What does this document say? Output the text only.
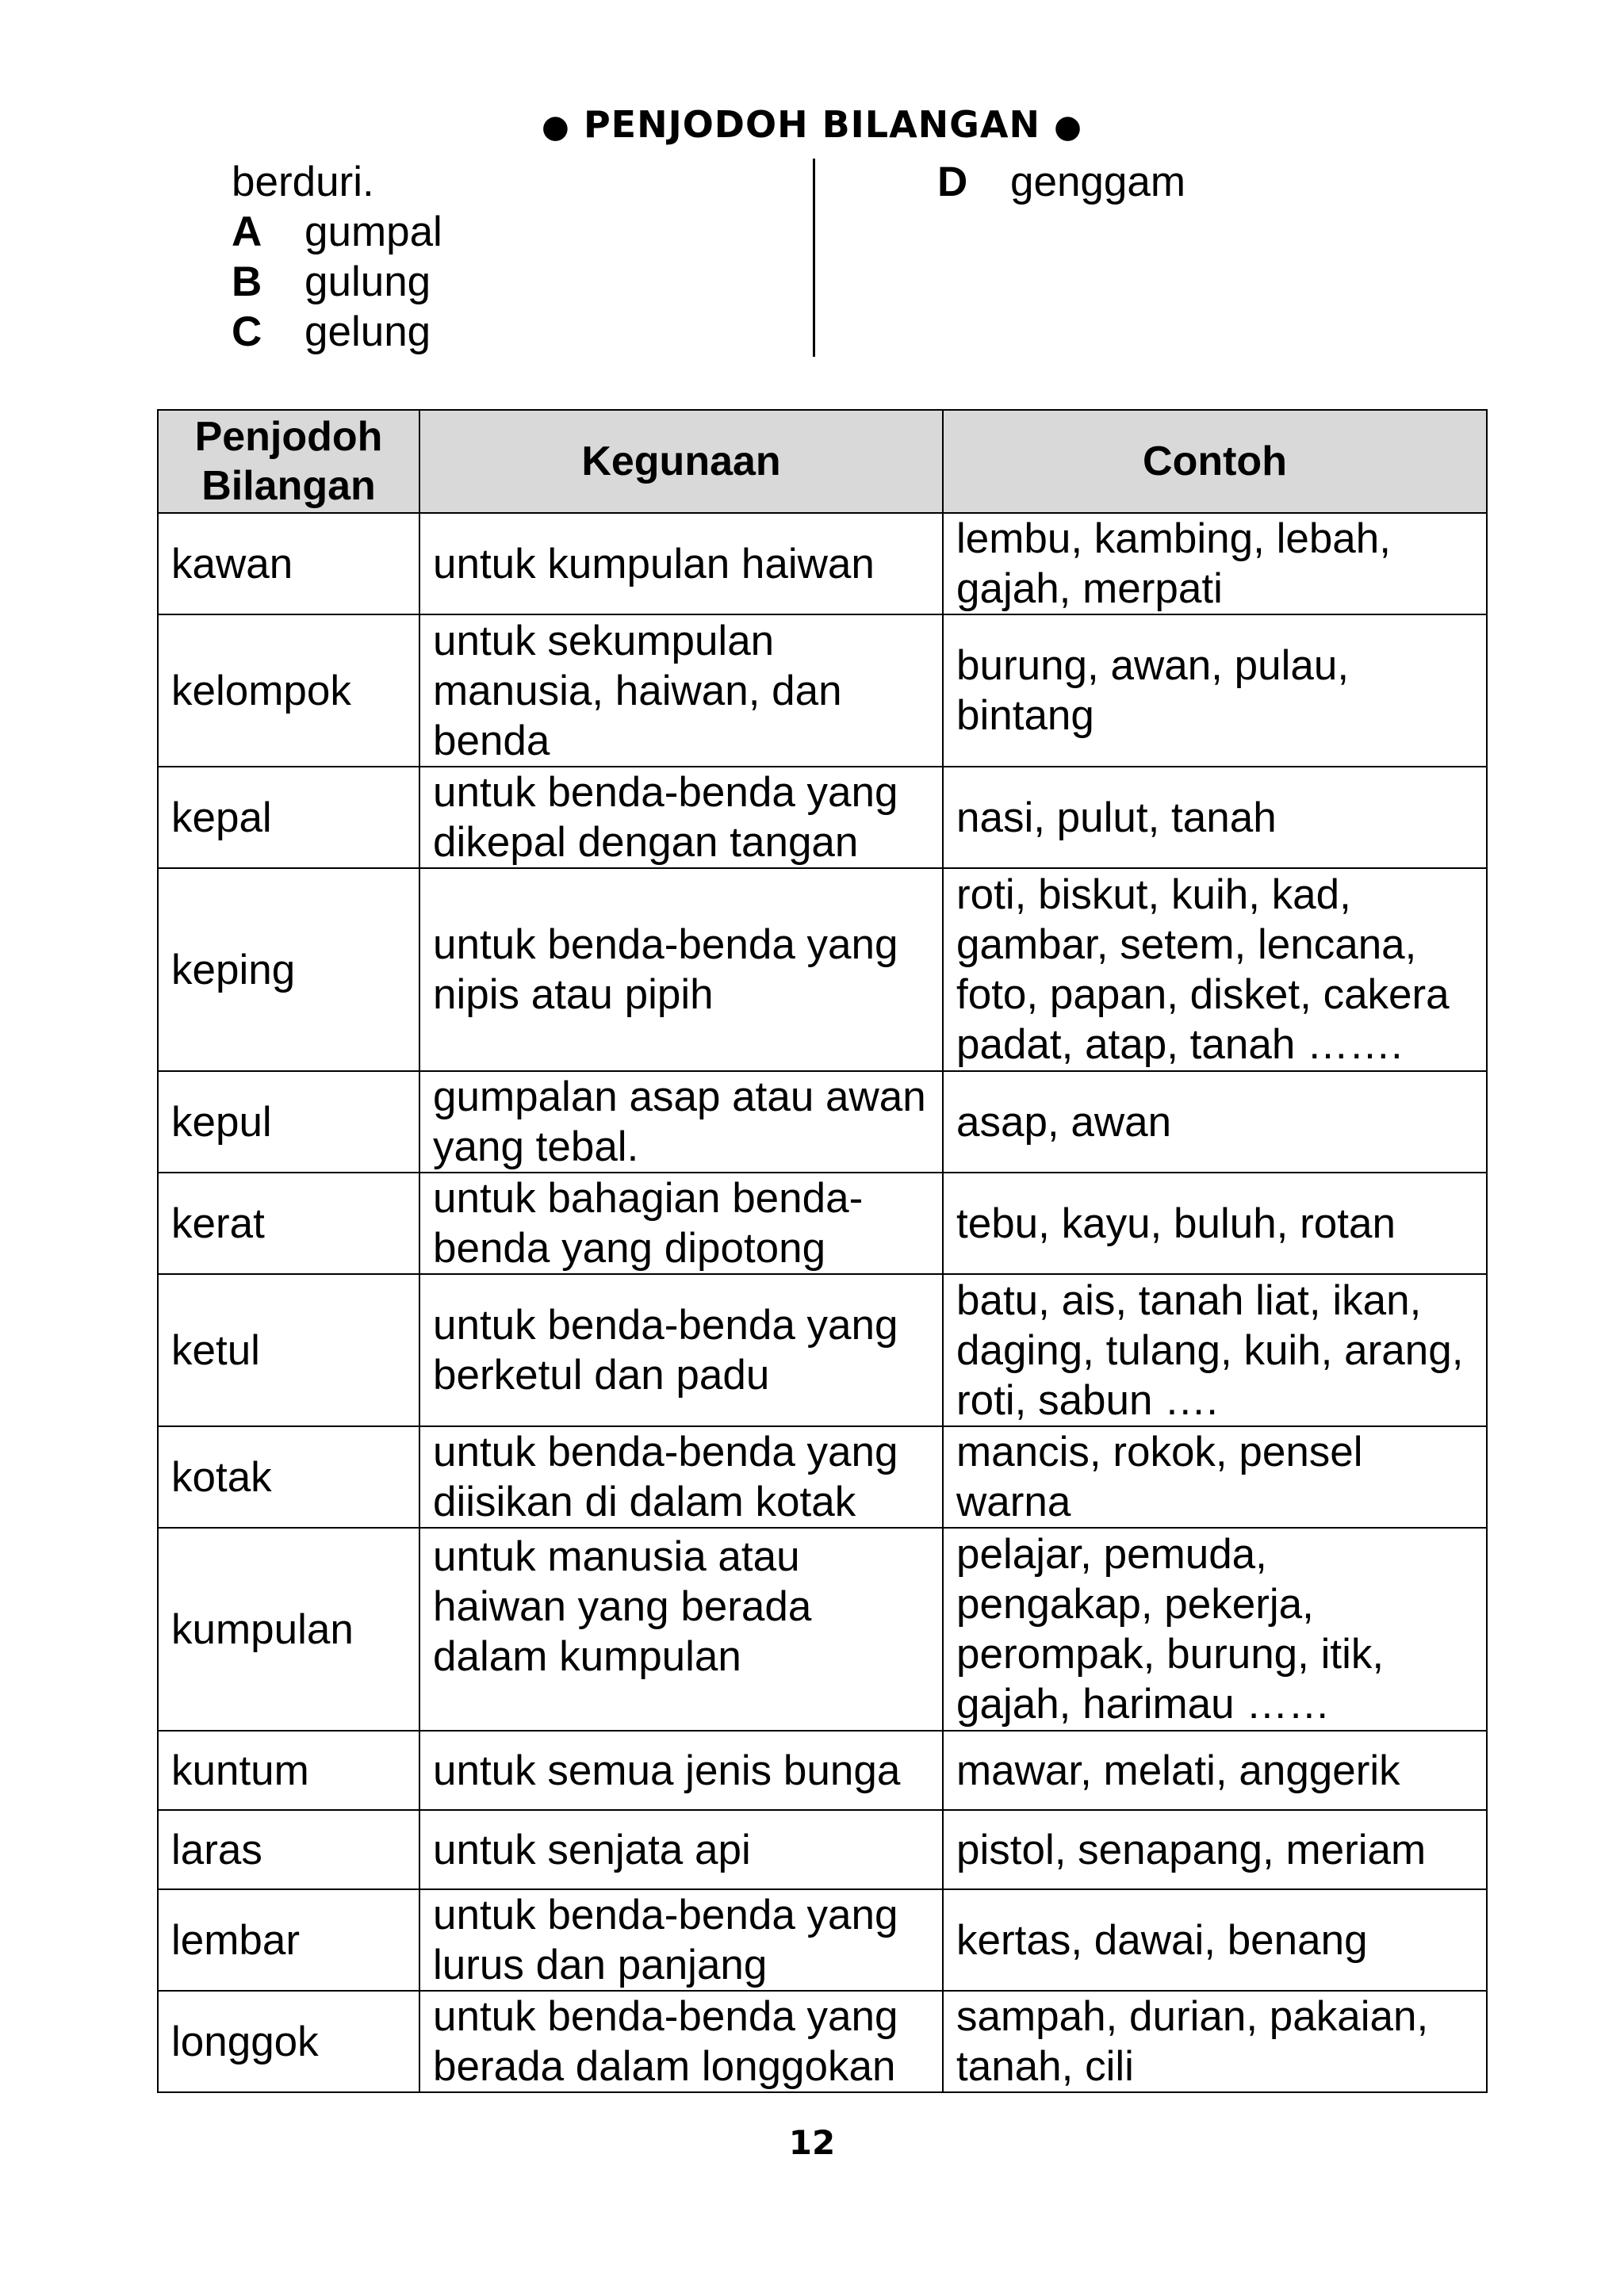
● PENJODOH BILANGAN ●
berduri.
A	gumpal
B	gulung
C	gelung
D	genggam
Penjodoh Bilangan	Kegunaan	Contoh
kawan	untuk kumpulan haiwan	lembu, kambing, lebah, gajah, merpati
kelompok	untuk sekumpulan manusia, haiwan, dan benda	burung, awan, pulau, bintang
kepal	untuk benda-benda yang dikepal dengan tangan	nasi, pulut, tanah
keping	untuk benda-benda yang nipis atau pipih	roti, biskut, kuih, kad, gambar, setem, lencana, foto, papan, disket, cakera padat, atap, tanah …….
kepul	gumpalan asap atau awan yang tebal.	asap, awan
kerat	untuk bahagian benda-benda yang dipotong	tebu, kayu, buluh, rotan
ketul	untuk benda-benda yang berketul dan padu	batu, ais, tanah liat, ikan, daging, tulang, kuih, arang, roti, sabun ….
kotak	untuk benda-benda yang diisikan di dalam kotak	mancis, rokok, pensel warna
kumpulan	untuk manusia atau haiwan yang berada dalam kumpulan	pelajar, pemuda, pengakap, pekerja, perompak, burung, itik, gajah, harimau ……
kuntum	untuk semua jenis bunga	mawar, melati, anggerik
laras	untuk senjata api	pistol, senapang, meriam
lembar	untuk benda-benda yang lurus dan panjang	kertas, dawai, benang
longgok	untuk benda-benda yang berada dalam longgokan	sampah, durian, pakaian, tanah, cili
12
